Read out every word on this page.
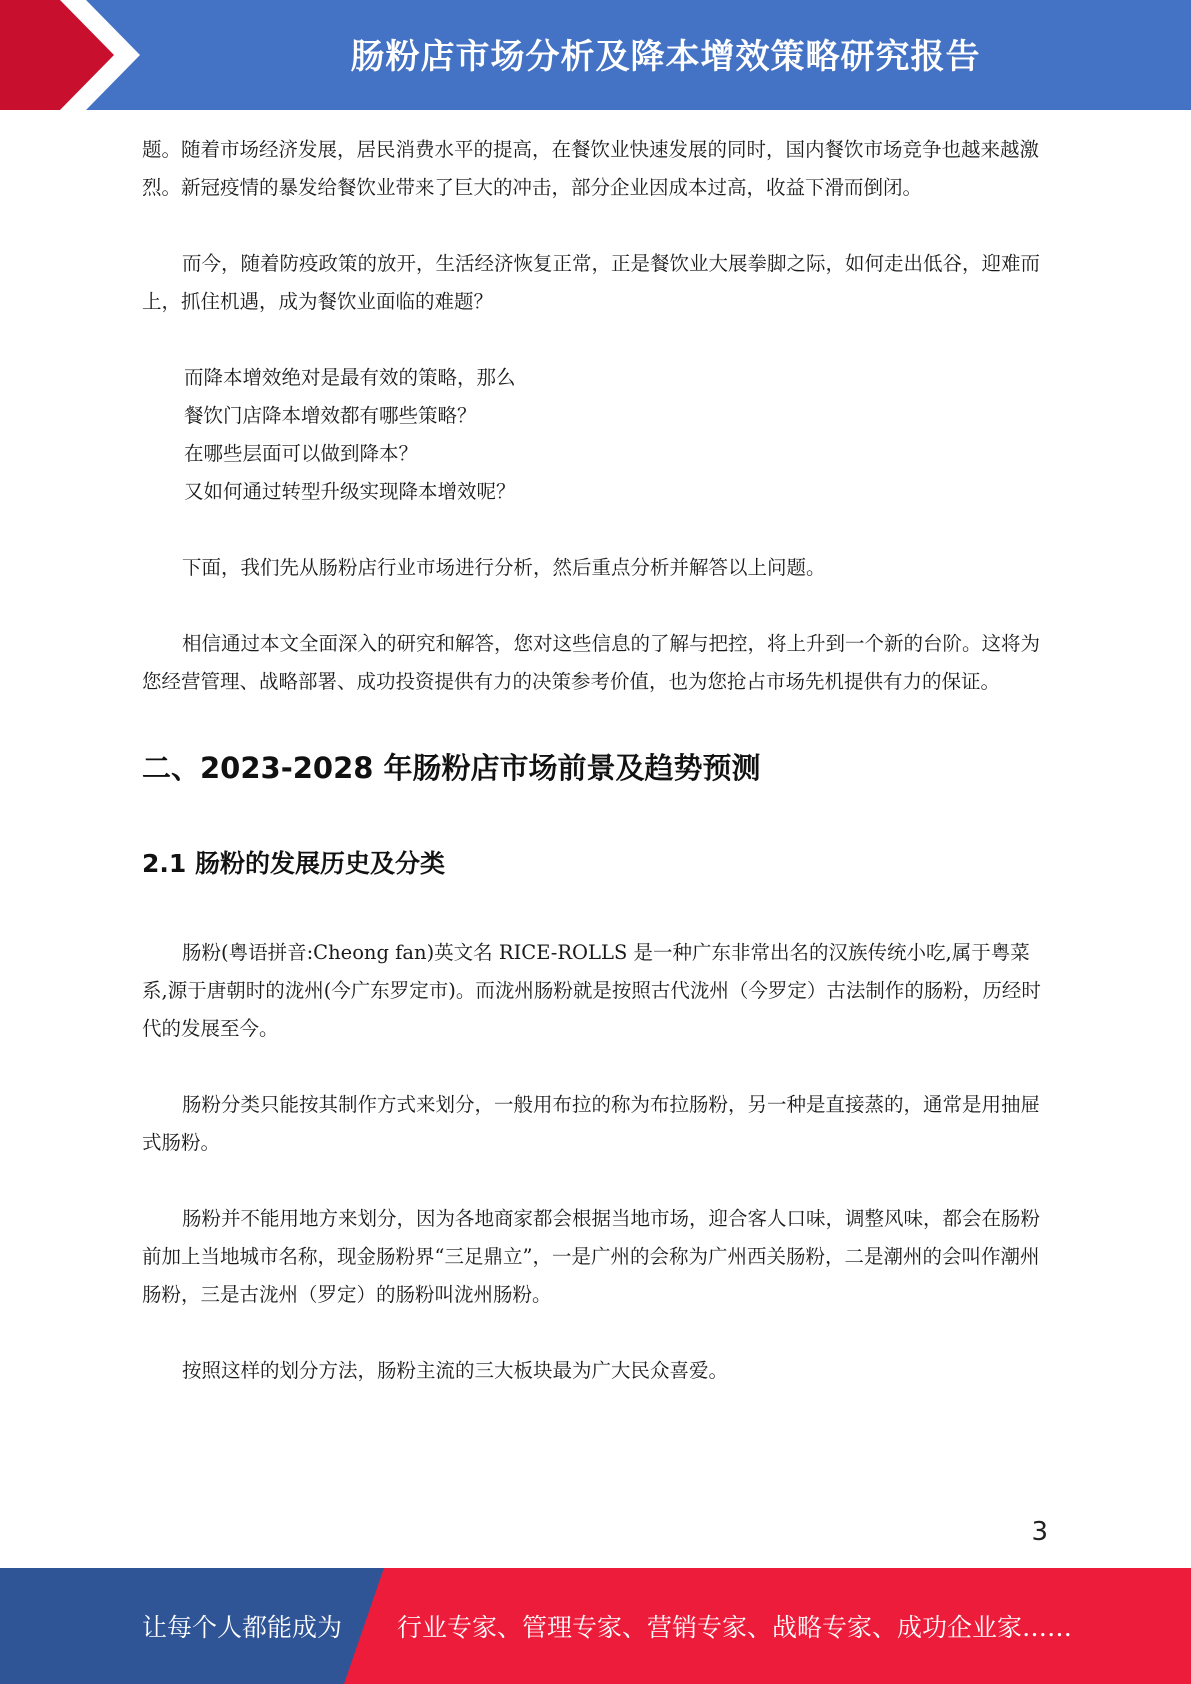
肠粉店市场分析及降本增效策略研究报告

题。随着市场经济发展，居民消费水平的提高，在餐饮业快速发展的同时，国内餐饮市场竞争也越来越激烈。新冠疫情的暴发给餐饮业带来了巨大的冲击，部分企业因成本过高，收益下滑而倒闭。

而今，随着防疫政策的放开，生活经济恢复正常，正是餐饮业大展拳脚之际，如何走出低谷，迎难而上，抓住机遇，成为餐饮业面临的难题？

而降本增效绝对是最有效的策略，那么

餐饮门店降本增效都有哪些策略？

在哪些层面可以做到降本？

又如何通过转型升级实现降本增效呢？

下面，我们先从肠粉店行业市场进行分析，然后重点分析并解答以上问题。

相信通过本文全面深入的研究和解答，您对这些信息的了解与把控，将上升到一个新的台阶。这将为您经营管理、战略部署、成功投资提供有力的决策参考价值，也为您抢占市场先机提供有力的保证。

二、2023-2028 年肠粉店市场前景及趋势预测
2.1 肠粉的发展历史及分类

肠粉(粤语拼音:Cheong fan)英文名 RICE-ROLLS 是一种广东非常出名的汉族传统小吃,属于粤菜系,源于唐朝时的泷州(今广东罗定市)。而泷州肠粉就是按照古代泷州（今罗定）古法制作的肠粉，历经时代的发展至今。

肠粉分类只能按其制作方式来划分，一般用布拉的称为布拉肠粉，另一种是直接蒸的，通常是用抽屉式肠粉。

肠粉并不能用地方来划分，因为各地商家都会根据当地市场，迎合客人口味，调整风味，都会在肠粉前加上当地城市名称，现金肠粉界“三足鼎立”，一是广州的会称为广州西关肠粉，二是潮州的会叫作潮州肠粉，三是古泷州（罗定）的肠粉叫泷州肠粉。

按照这样的划分方法，肠粉主流的三大板块最为广大民众喜爱。

3
让每个人都能成为 行业专家、管理专家、营销专家、战略专家、成功企业家……
